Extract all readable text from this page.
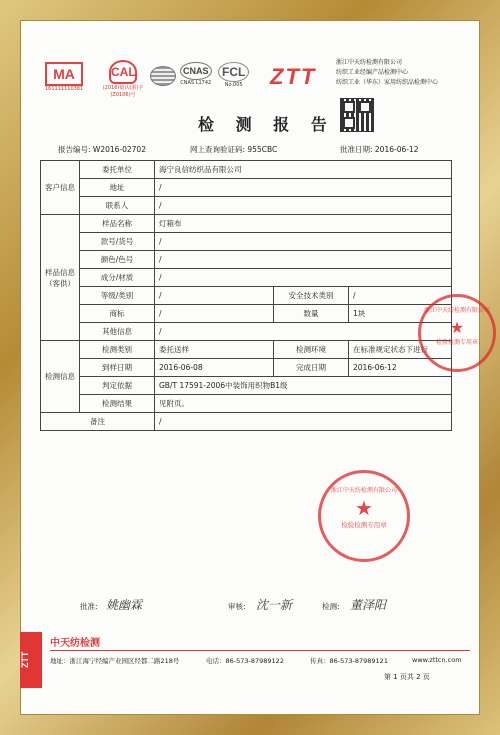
MA
161111110381
CAL
(2016)量认(浙)字(Z0106)号
CNAS
CNAS L1742
FCL
No.005	ZTT
浙江中天纺检测有限公司
纺织工业经编产品检测中心
纺织工业（华东）家用纺织品检测中心
检 测 报 告
报告编号: W2016-02702	网上查询验证码: 955CBC	批准日期: 2016-06-12
客户信息	委托单位	海宁良信纺织品有限公司		
	地址	/		
	联系人	/		
样品信息（客供）	样品名称	灯箱布		
	款号/货号	/		
	颜色/色号	/		
	成分/材质	/		
	等级/类别	/	安全技术类别	/
	商标	/	数量	1块
	其他信息	/		
检测信息	检测类别	委托送样	检测环境	在标准规定状态下进行
	到样日期	2016-06-08	完成日期	2016-06-12
	判定依据	GB/T 17591-2006中装饰用织物B1级		
	检测结果	见附页。		
备注		/		
浙江中天纺检测有限公司
★
检验检测专用章
浙江中天纺检测有限公司
★
检验检测专用章
批准: 姚幽霖	审核: 沈一新	检测: 董泽阳
ZTT
中天纺检测
地址：浙江海宁经编产业园区经都二路218号	电话：86-573-87989122	传真：86-573-87989121	www.zttcn.com
第 1 页共 2 页
